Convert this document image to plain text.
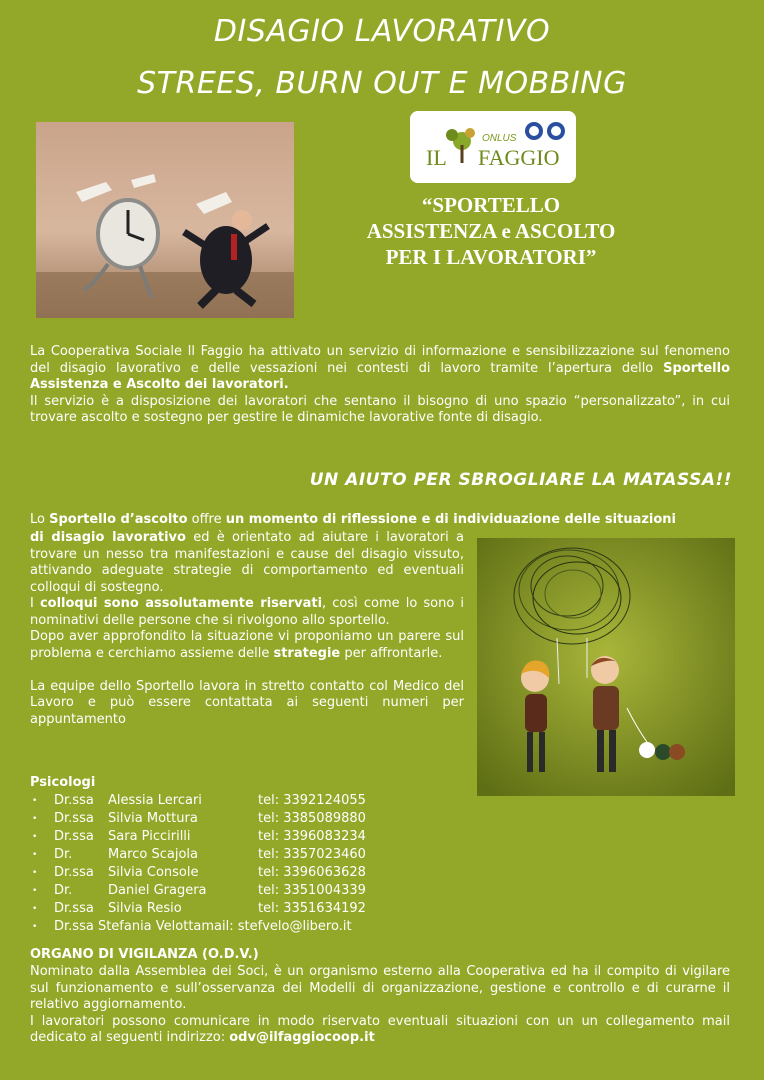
DISAGIO LAVORATIVO
STREES, BURN OUT E MOBBING
ONLUS
IL FAGGIO
“SPORTELLO
ASSISTENZA e ASCOLTO
PER I LAVORATORI”
La Cooperativa Sociale Il Faggio ha attivato un servizio di informazione e sensibilizzazione sul fenomeno del disagio lavorativo e delle vessazioni nei contesti di lavoro tramite l’apertura dello Sportello Assistenza e Ascolto dei lavoratori.
Il servizio è a disposizione dei lavoratori che sentano il bisogno di uno spazio “personalizzato”, in cui trovare ascolto e sostegno per gestire le dinamiche lavorative fonte di disagio.
UN AIUTO PER SBROGLIARE LA MATASSA!!
Lo Sportello d’ascolto offre un momento di riflessione e di individuazione delle situazioni
di disagio lavorativo ed è orientato ad aiutare i lavoratori a trovare un nesso tra manifestazioni e cause del disagio vissuto, attivando adeguate strategie di comportamento ed eventuali colloqui di sostegno.
I colloqui sono assolutamente riservati, così come lo sono i nominativi delle persone che si rivolgono allo sportello.
Dopo aver approfondito la situazione vi proponiamo un parere sul problema e cerchiamo assieme delle strategie per affrontarle.

La equipe dello Sportello lavora in stretto contatto col Medico del Lavoro e può essere contattata ai seguenti numeri per appuntamento
Psicologi
•	Dr.ssa	Alessia Lercari	tel: 3392124055
•	Dr.ssa	Silvia Mottura	tel: 3385089880
•	Dr.ssa	Sara Piccirilli	tel: 3396083234
•	Dr.	Marco Scajola	tel: 3357023460
•	Dr.ssa	Silvia Console	tel: 3396063628
•	Dr.	Daniel Gragera	tel: 3351004339
•	Dr.ssa	Silvia Resio	tel: 3351634192
•	Dr.ssa Stefania Velottamail: stefvelo@libero.it
ORGANO DI VIGILANZA (O.D.V.)
Nominato dalla Assemblea dei Soci, è un organismo esterno alla Cooperativa ed ha il compito di vigilare sul funzionamento e sull’osservanza dei Modelli di organizzazione, gestione e controllo e di curarne il relativo aggiornamento.
I lavoratori possono comunicare in modo riservato eventuali situazioni con un un collegamento mail dedicato al seguenti indirizzo: odv@ilfaggiocoop.it
